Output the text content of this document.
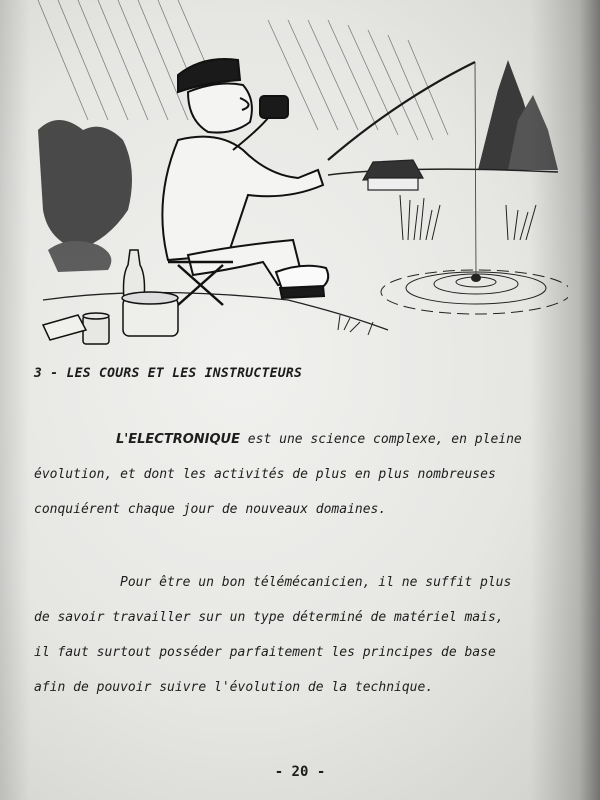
3 - LES COURS ET LES INSTRUCTEURS
L'ELECTRONIQUE est une science complexe, en pleine
évolution, et dont les activités de plus en plus nombreuses
conquiérent chaque jour de nouveaux domaines.
Pour être un bon télémécanicien, il ne suffit plus
de savoir travailler sur un type déterminé de matériel mais,
il faut surtout posséder parfaitement les principes de base
afin de pouvoir suivre l'évolution de la technique.
- 20 -
